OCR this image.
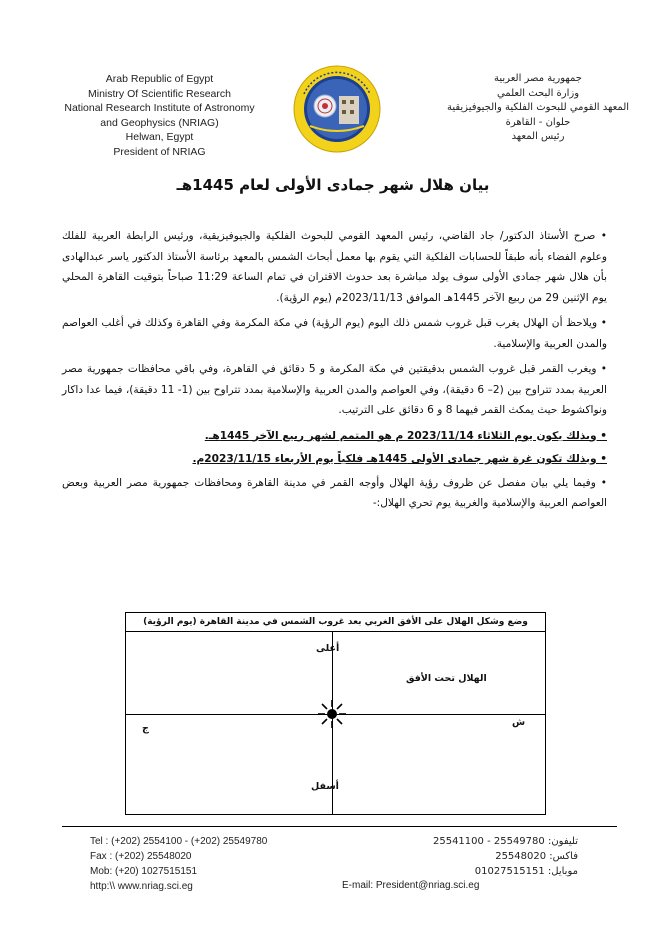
Arab Republic of Egypt
Ministry Of Scientific Research
National Research Institute of Astronomy
and Geophysics (NRIAG)
Helwan, Egypt
President of NRIAG
جمهورية مصر العربية
وزارة البحث العلمي
المعهد القومي للبحوث الفلكية والجيوفيزيقية
حلوان - القاهرة
رئيس المعهد
بيان هلال شهر جمادى الأولى لعام 1445هـ

• صرح الأستاذ الدكتور/ جاد القاضي، رئيس المعهد القومي للبحوث الفلكية والجيوفيزيقية، ورئيس الرابطة العربية للفلك وعلوم الفضاء بأنه طبقاً للحسابات الفلكية التي يقوم بها معمل أبحاث الشمس بالمعهد برئاسة الأستاذ الدكتور ياسر عبدالهادى بأن هلال شهر جمادى الأولى سوف يولد مباشرة بعد حدوث الاقتران في تمام الساعة 11:29 صباحاً بتوقيت القاهرة المحلي يوم الإثنين 29 من ربيع الآخر 1445هـ الموافق 2023/11/13م (يوم الرؤية).

• ويلاحظ أن الهلال يغرب قبل غروب شمس ذلك اليوم (يوم الرؤية) في مكة المكرمة وفي القاهرة وكذلك في أغلب العواصم والمدن العربية والإسلامية.

• ويغرب القمر قبل غروب الشمس بدقيقتين في مكة المكرمة و 5 دقائق في القاهرة، وفي باقي محافظات جمهورية مصر العربية بمدد تتراوح بين (2– 6 دقيقة)، وفي العواصم والمدن العربية والإسلامية بمدد تتراوح بين (1- 11 دقيقة)، فيما عدا داكار ونواكشوط حيث يمكث القمر فيهما 8 و 6 دقائق على الترتيب.

• وبذلك يكون يوم الثلاثاء 2023/11/14 م هو المتمم لشهر ربيع الآخر 1445هـ.

• وبذلك تكون غرة شهر جمادى الأولى 1445هـ فلكياً يوم الأربعاء 2023/11/15م.

• وفيما يلي بيان مفصل عن ظروف رؤية الهلال وأوجه القمر في مدينة القاهرة ومحافظات جمهورية مصر العربية وبعض العواصم العربية والإسلامية والغربية يوم تحري الهلال:-

وضع وشكل الهلال على الأفق الغربي بعد غروب الشمس في مدينة القاهرة (يوم الرؤية)
أعلى
أسفل
ج
ش
الهلال تحت الأفق
Tel : (+202) 2554100 - (+202) 25549780
Fax : (+202) 25548020
Mob: (+20) 1027515151
http:\\ www.nriag.sci.eg
تليفون: 25549780 - 25541100
فاكس: 25548020
موبايل: 01027515151
E-mail: President@nriag.sci.eg
